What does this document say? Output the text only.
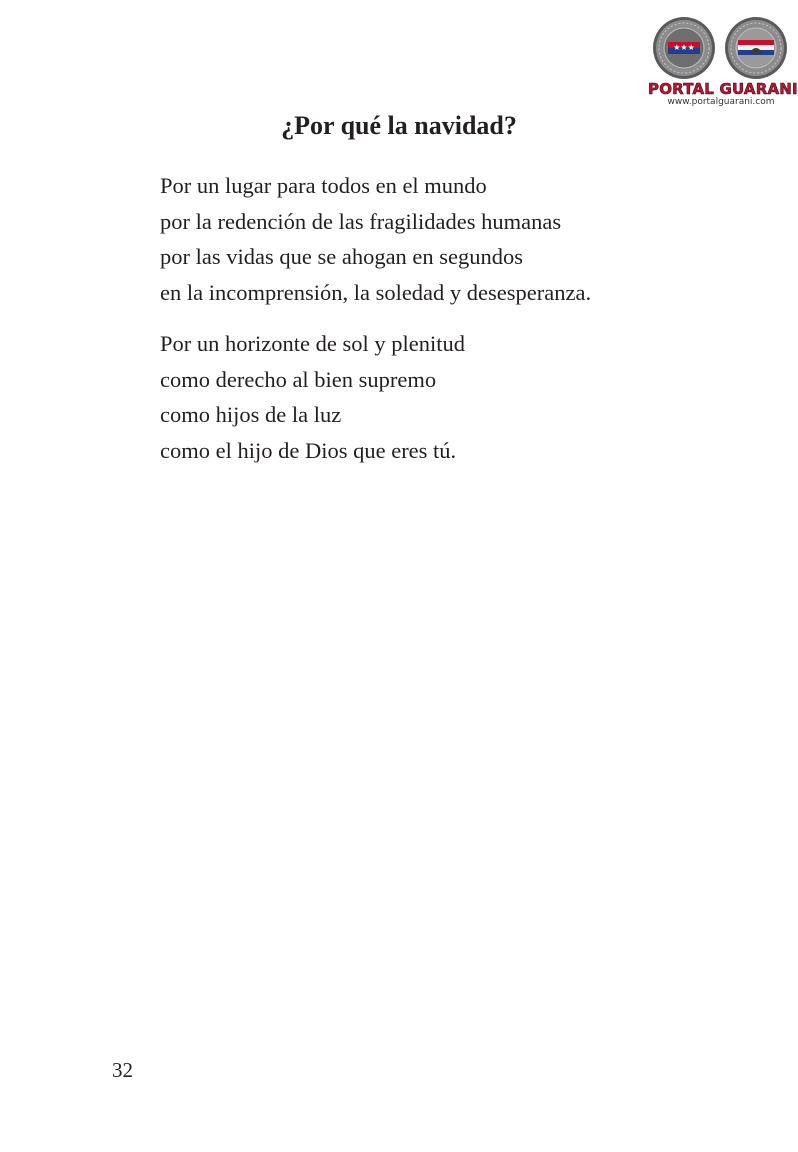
★★★
PORTAL GUARANI
www.portalguarani.com
¿Por qué la navidad?
Por un lugar para todos en el mundo
por la redención de las fragilidades humanas
por las vidas que se ahogan en segundos
en la incomprensión, la soledad y desesperanza.
Por un horizonte de sol y plenitud
como derecho al bien supremo
como hijos de la luz
como el hijo de Dios que eres tú.
32
